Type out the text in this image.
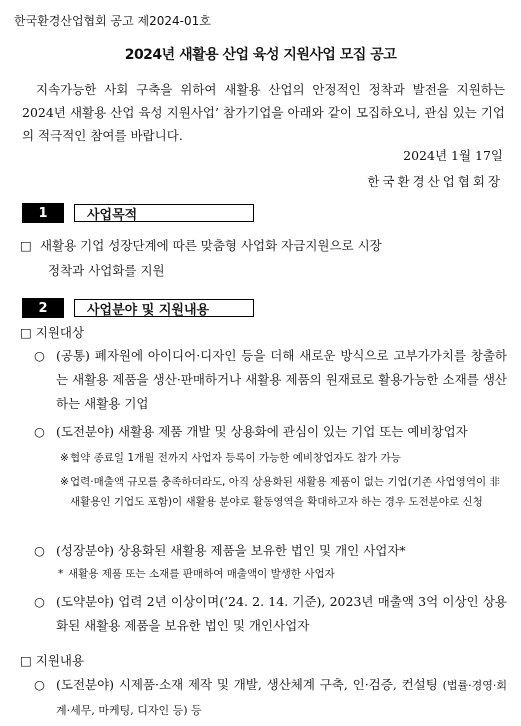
한국환경산업협회 공고 제2024-01호
2024년 새활용 산업 육성 지원사업 모집 공고

지속가능한 사회 구축을 위하여 새활용 산업의 안정적인 정착과 발전을 지원하는 2024년 새활용 산업 육성 지원사업’ 참가기업을 아래와 같이 모집하오니, 관심 있는 기업의 적극적인 참여를 바랍니다.

2024년 1월 17일
한국환경산업협회장
1	사업목적
□ 새활용 기업 성장단계에 따른 맞춤형 사업화 자금지원으로 시장
정착과 사업화를 지원
2	사업분야 및 지원내용
□ 지원대상
○ (공통) 폐자원에 아이디어·디자인 등을 더해 새로운 방식으로 고부가가치를 창출하는 새활용 제품을 생산·판매하거나 새활용 제품의 원재료로 활용가능한 소재를 생산하는 새활용 기업
○ (도전분야) 새활용 제품 개발 및 상용화에 관심이 있는 기업 또는 예비창업자
※ 협약 종료일 1개월 전까지 사업자 등록이 가능한 예비창업자도 참가 가능
※ 업력·매출액 규모를 충족하더라도, 아직 상용화된 새활용 제품이 없는 기업(기존 사업영역이 非새활용인 기업도 포함)이 새활용 분야로 활동영역을 확대하고자 하는 경우 도전분야로 신청
○ (성장분야) 상용화된 새활용 제품을 보유한 법인 및 개인 사업자*
* 새활용 제품 또는 소재를 판매하여 매출액이 발생한 사업자
○ (도약분야) 업력 2년 이상이며(’24. 2. 14. 기준), 2023년 매출액 3억 이상인 상용화된 새활용 제품을 보유한 법인 및 개인사업자
□ 지원내용
○ (도전분야) 시제품·소재 제작 및 개발, 생산체계 구축, 인·검증, 컨설팅 (법률·경영·회계·세무, 마케팅, 디자인 등) 등
